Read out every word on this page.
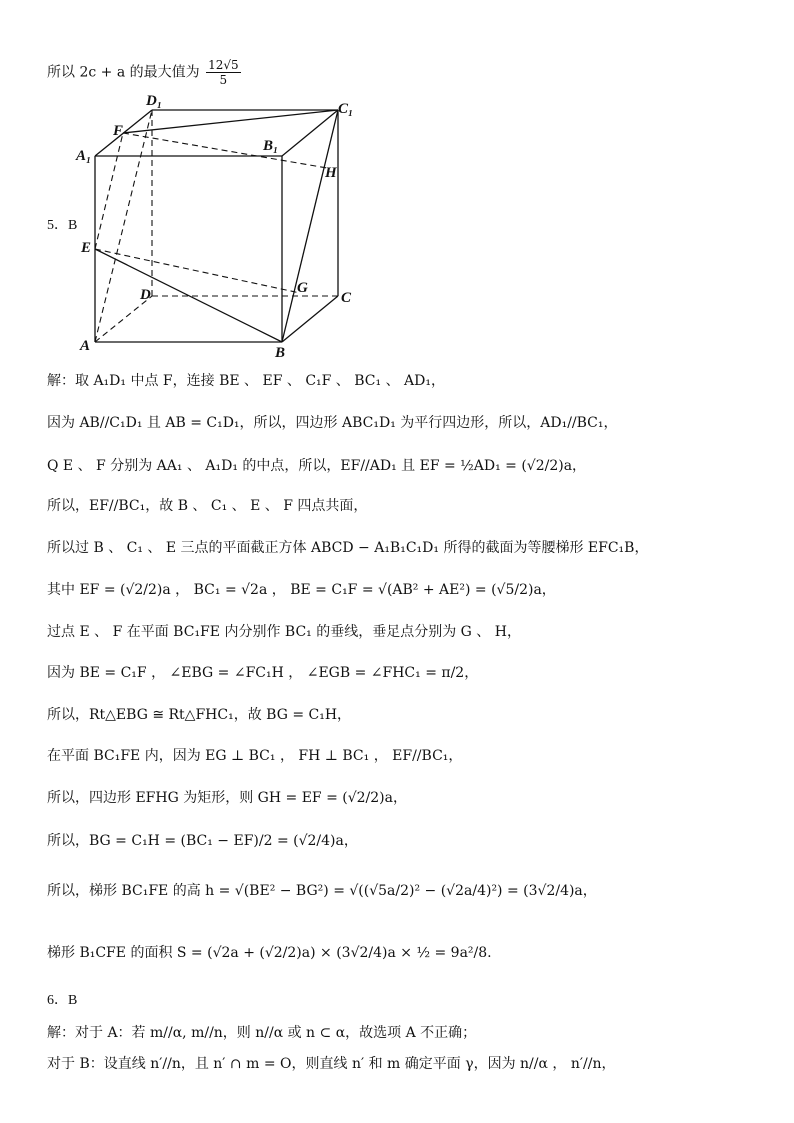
所以 2c + a 的最大值为 $\frac{12√5}{5}$
D₁	C₁
F
B₁
A₁
H
E
G
D	C
A	B
5．B
解：取 A₁D₁ 中点 F，连接 BE 、 EF 、 C₁F 、 BC₁ 、 AD₁，
因为 AB//C₁D₁ 且 AB = C₁D₁，所以，四边形 ABC₁D₁ 为平行四边形，所以，AD₁//BC₁，
Q E 、 F 分别为 AA₁ 、 A₁D₁ 的中点，所以，EF//AD₁ 且 EF = ½AD₁ = (√2/2)a，
所以，EF//BC₁，故 B 、 C₁ 、 E 、 F 四点共面，
所以过 B 、 C₁ 、 E 三点的平面截正方体 ABCD − A₁B₁C₁D₁ 所得的截面为等腰梯形 EFC₁B，
其中 EF = (√2/2)a ， BC₁ = √2a ， BE = C₁F = √(AB² + AE²) = (√5/2)a，
过点 E 、 F 在平面 BC₁FE 内分别作 BC₁ 的垂线，垂足点分别为 G 、 H，
因为 BE = C₁F ， ∠EBG = ∠FC₁H ， ∠EGB = ∠FHC₁ = π/2，
所以，Rt△EBG ≅ Rt△FHC₁，故 BG = C₁H，
在平面 BC₁FE 内，因为 EG ⊥ BC₁ ， FH ⊥ BC₁ ， EF//BC₁，
所以，四边形 EFHG 为矩形，则 GH = EF = (√2/2)a，
所以，BG = C₁H = (BC₁ − EF)/2 = (√2/4)a，
所以，梯形 BC₁FE 的高 h = √(BE² − BG²) = √((√5a/2)² − (√2a/4)²) = (3√2/4)a，
梯形 B₁CFE 的面积 S = (√2a + (√2/2)a) × (3√2/4)a × ½ = 9a²/8.
6．B
解：对于 A：若 m//α, m//n，则 n//α 或 n ⊂ α，故选项 A 不正确；
对于 B：设直线 n′//n，且 n′ ∩ m = O，则直线 n′ 和 m 确定平面 γ，因为 n//α ， n′//n，
